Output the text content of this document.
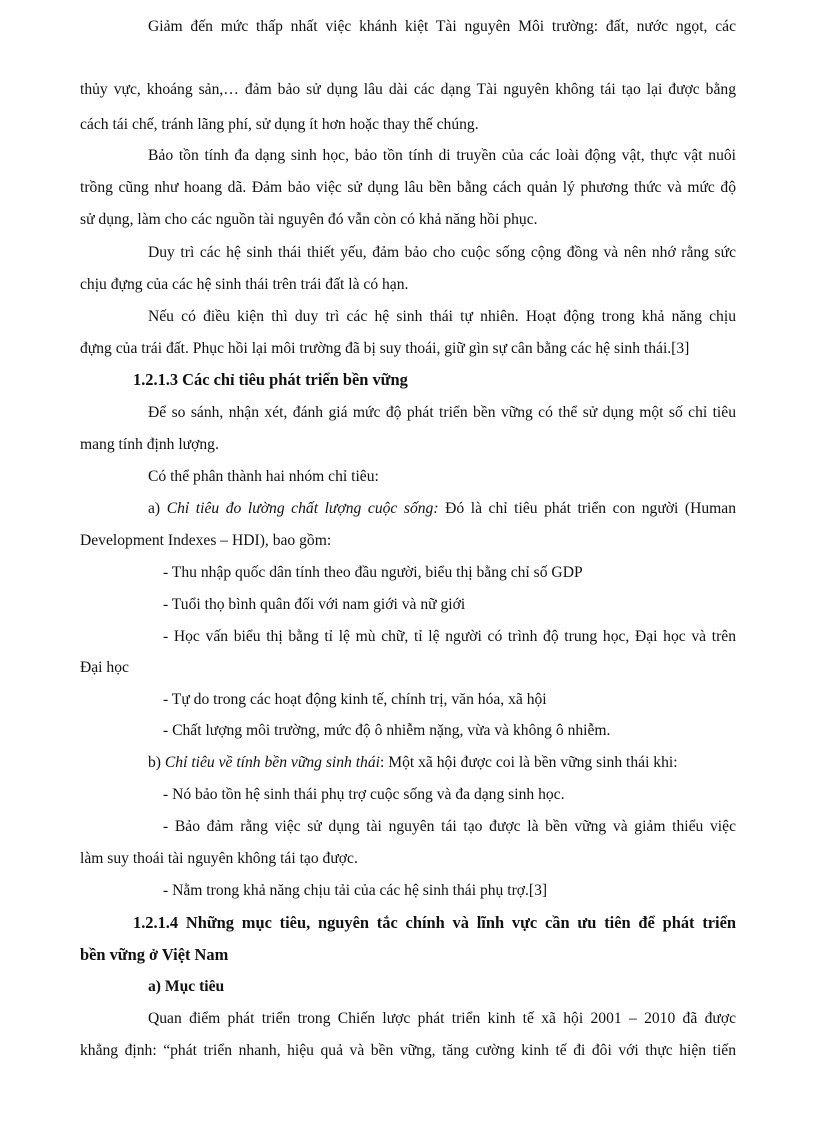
Giảm đến mức thấp nhất việc khánh kiệt Tài nguyên Môi trường: đất, nước ngọt, các
thủy vực, khoáng sản,… đảm bảo sử dụng lâu dài các dạng Tài nguyên không tái tạo lại được bằng
cách tái chế, tránh lãng phí, sử dụng ít hơn hoặc thay thế chúng.
Bảo tồn tính đa dạng sinh học, bảo tồn tính di truyền của các loài động vật, thực vật nuôi
trồng cũng như hoang dã. Đảm bảo việc sử dụng lâu bền bằng cách quản lý phương thức và mức độ
sử dụng, làm cho các nguồn tài nguyên đó vẫn còn có khả năng hồi phục.
Duy trì các hệ sinh thái thiết yếu, đảm bảo cho cuộc sống cộng đồng và nên nhớ rằng sức
chịu đựng của các hệ sinh thái trên trái đất là có hạn.
Nếu có điều kiện thì duy trì các hệ sinh thái tự nhiên. Hoạt động trong khả năng chịu
đựng của trái đất. Phục hồi lại môi trường đã bị suy thoái, giữ gìn sự cân bằng các hệ sinh thái.[3]
1.2.1.3 Các chỉ tiêu phát triển bền vững
Để so sánh, nhận xét, đánh giá mức độ phát triển bền vững có thể sử dụng một số chỉ tiêu
mang tính định lượng.
Có thể phân thành hai nhóm chỉ tiêu:
a) Chỉ tiêu đo lường chất lượng cuộc sống: Đó là chỉ tiêu phát triển con người (Human
Development Indexes – HDI), bao gồm:
- Thu nhập quốc dân tính theo đầu người, biểu thị bằng chỉ số GDP
- Tuổi thọ bình quân đối với nam giới và nữ giới
- Học vấn biểu thị bằng tỉ lệ mù chữ, tỉ lệ người có trình độ trung học, Đại học và trên
Đại học
- Tự do trong các hoạt động kinh tế, chính trị, văn hóa, xã hội
- Chất lượng môi trường, mức độ ô nhiễm nặng, vừa và không ô nhiễm.
b) Chỉ tiêu về tính bền vững sinh thái: Một xã hội được coi là bền vững sinh thái khi:
- Nó bảo tồn hệ sinh thái phụ trợ cuộc sống và đa dạng sinh học.
- Bảo đảm rằng việc sử dụng tài nguyên tái tạo được là bền vững và giảm thiểu việc
làm suy thoái tài nguyên không tái tạo được.
- Nằm trong khả năng chịu tải của các hệ sinh thái phụ trợ.[3]
1.2.1.4 Những mục tiêu, nguyên tắc chính và lĩnh vực cần ưu tiên để phát triển
bền vững ở Việt Nam
a) Mục tiêu
Quan điểm phát triển trong Chiến lược phát triển kinh tế xã hội 2001 – 2010 đã được
khẳng định: “phát triển nhanh, hiệu quả và bền vững, tăng cường kinh tế đi đôi với thực hiện tiến
